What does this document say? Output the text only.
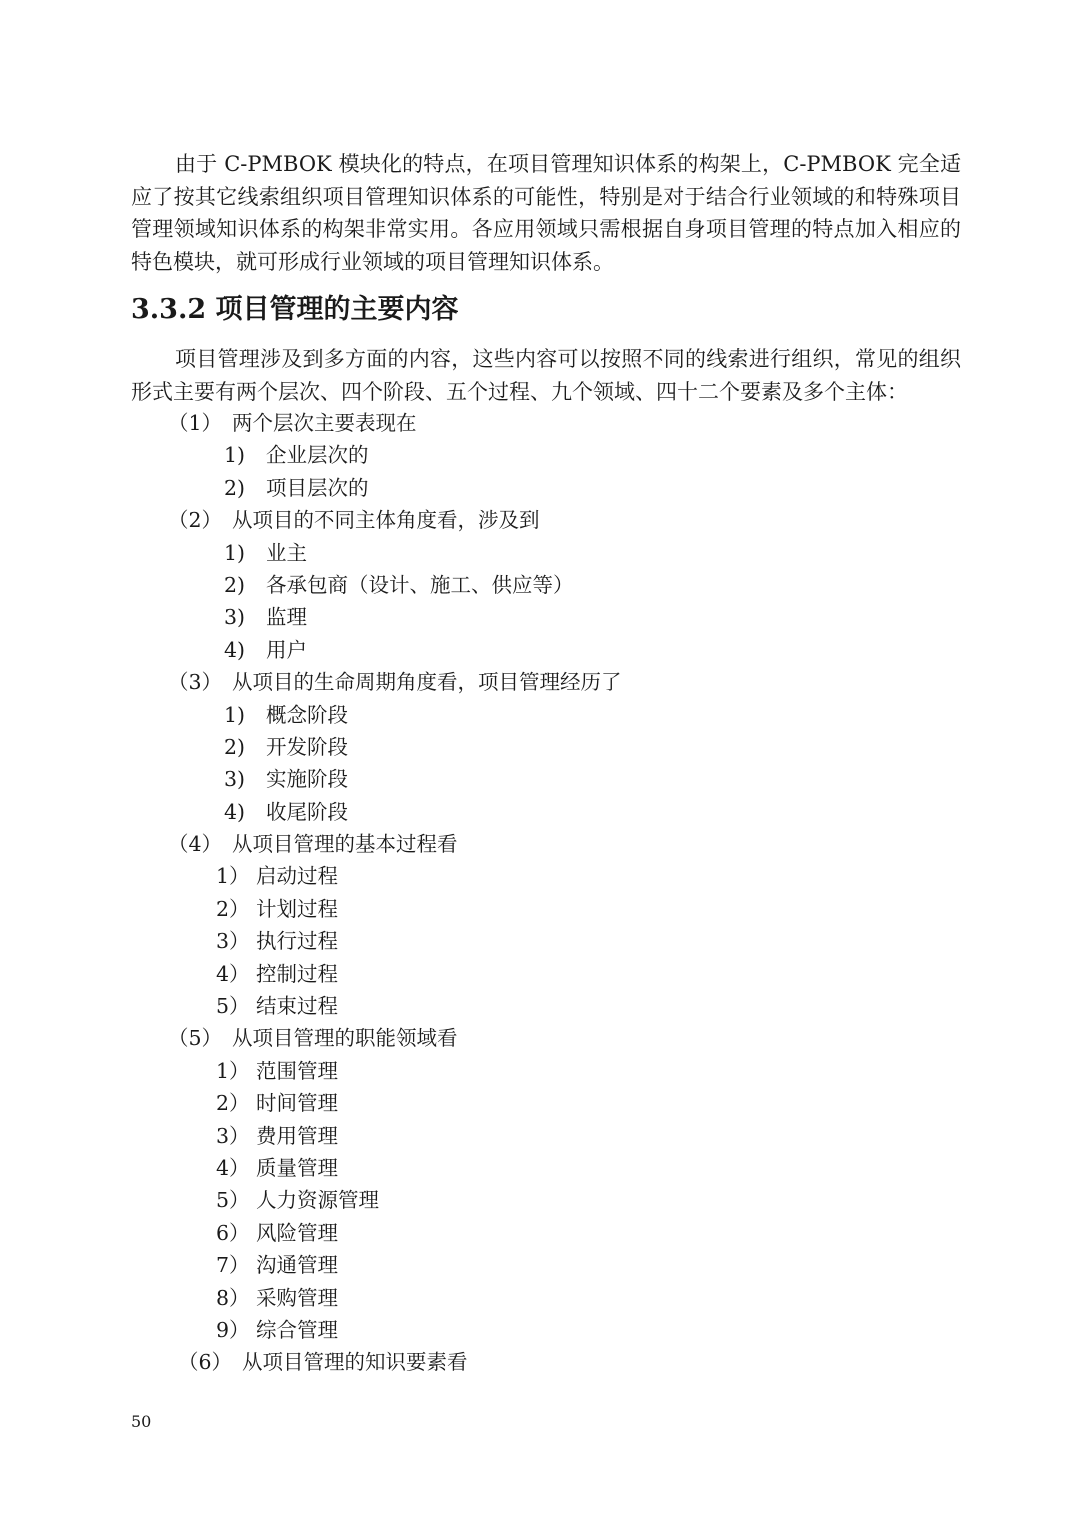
由于 C-PMBOK 模块化的特点，在项目管理知识体系的构架上，C-PMBOK 完全适应了按其它线索组织项目管理知识体系的可能性，特别是对于结合行业领域的和特殊项目管理领域知识体系的构架非常实用。各应用领域只需根据自身项目管理的特点加入相应的特色模块，就可形成行业领域的项目管理知识体系。

3.3.2 项目管理的主要内容

项目管理涉及到多方面的内容，这些内容可以按照不同的线索进行组织，常见的组织形式主要有两个层次、四个阶段、五个过程、九个领域、四十二个要素及多个主体：

（1） 两个层次主要表现在
1) 企业层次的
2) 项目层次的
（2） 从项目的不同主体角度看，涉及到
1) 业主
2) 各承包商（设计、施工、供应等）
3) 监理
4) 用户
（3） 从项目的生命周期角度看，项目管理经历了
1) 概念阶段
2) 开发阶段
3) 实施阶段
4) 收尾阶段
（4） 从项目管理的基本过程看
1） 启动过程
2） 计划过程
3） 执行过程
4） 控制过程
5） 结束过程
（5） 从项目管理的职能领域看
1） 范围管理
2） 时间管理
3） 费用管理
4） 质量管理
5） 人力资源管理
6） 风险管理
7） 沟通管理
8） 采购管理
9） 综合管理
（6） 从项目管理的知识要素看
50
